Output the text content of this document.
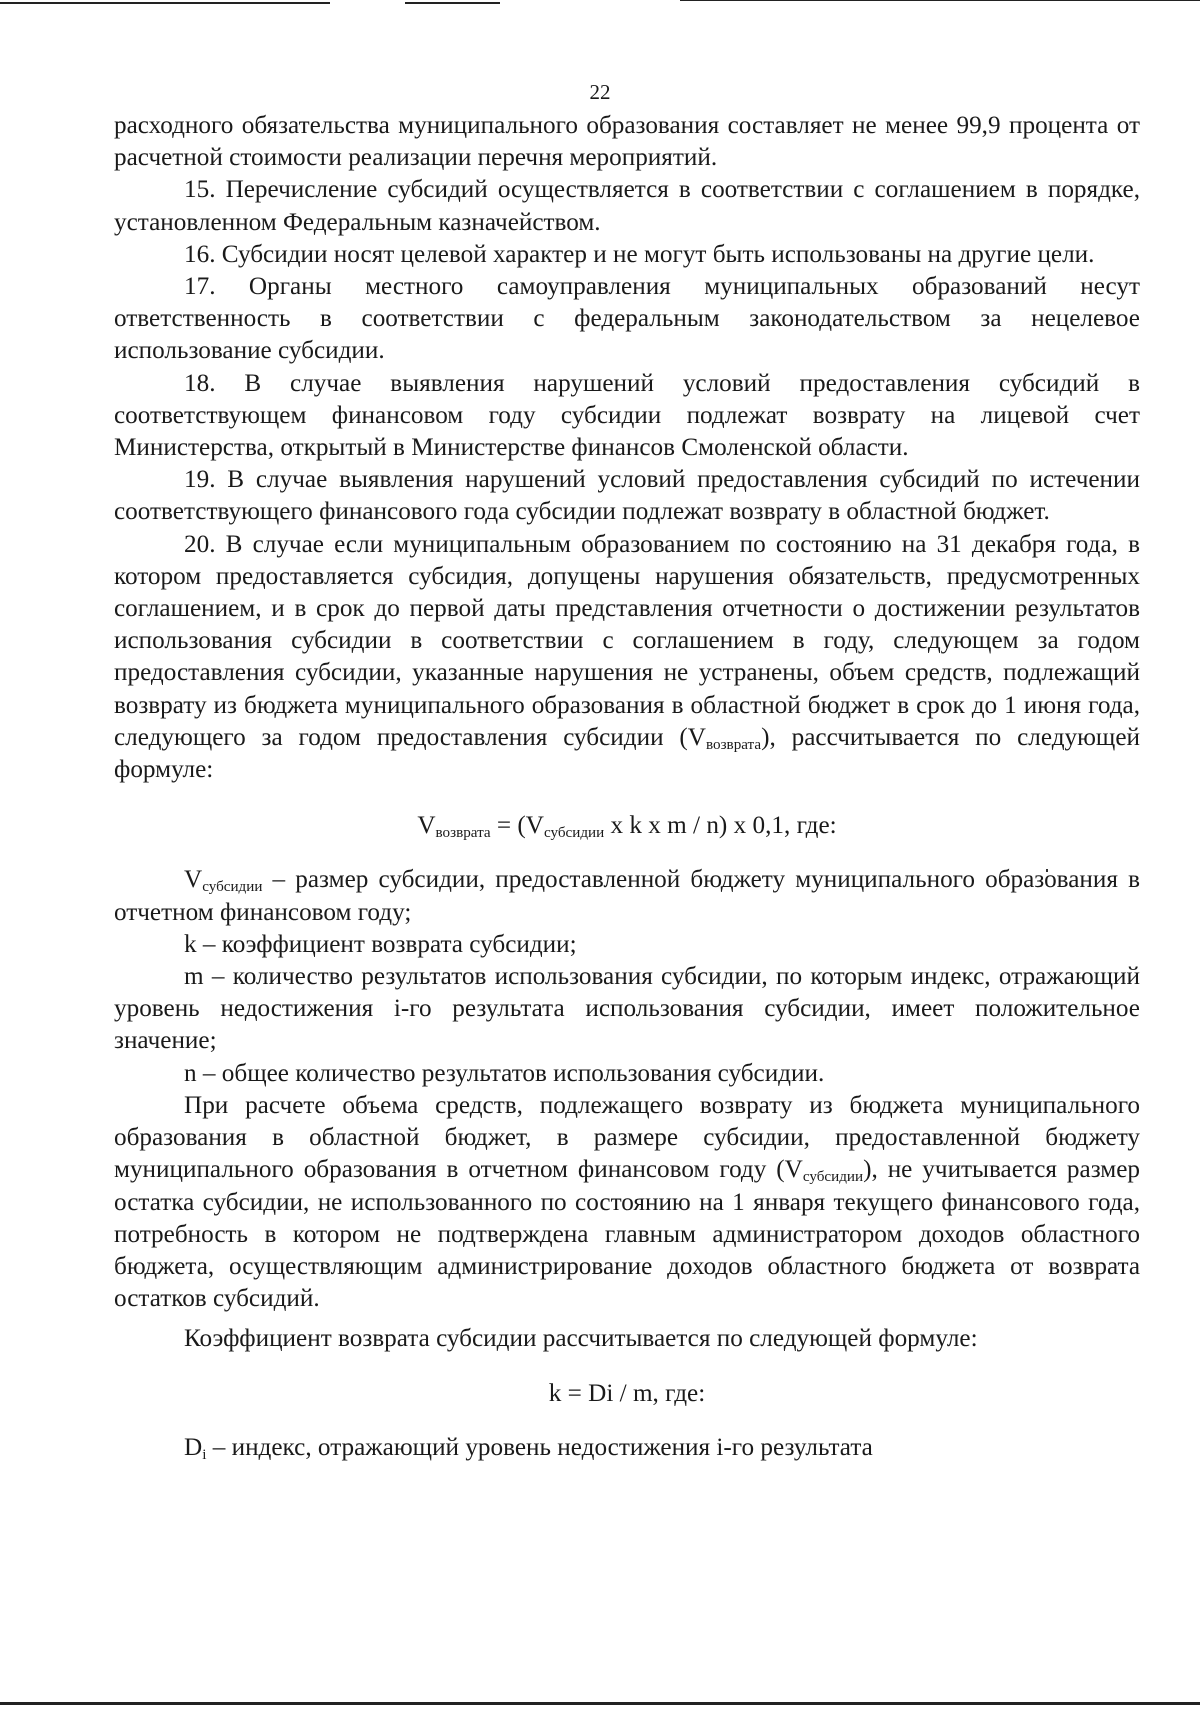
22

расходного обязательства муниципального образования составляет не менее 99,9 процента от расчетной стоимости реализации перечня мероприятий.

15. Перечисление субсидий осуществляется в соответствии с соглашением в порядке, установленном Федеральным казначейством.

16. Субсидии носят целевой характер и не могут быть использованы на другие цели.

17. Органы местного самоуправления муниципальных образований несут ответственность в соответствии с федеральным законодательством за нецелевое использование субсидии.

18. В случае выявления нарушений условий предоставления субсидий в соответствующем финансовом году субсидии подлежат возврату на лицевой счет Министерства, открытый в Министерстве финансов Смоленской области.

19. В случае выявления нарушений условий предоставления субсидий по истечении соответствующего финансового года субсидии подлежат возврату в областной бюджет.

20. В случае если муниципальным образованием по состоянию на 31 декабря года, в котором предоставляется субсидия, допущены нарушения обязательств, предусмотренных соглашением, и в срок до первой даты представления отчетности о достижении результатов использования субсидии в соответствии с соглашением в году, следующем за годом предоставления субсидии, указанные нарушения не устранены, объем средств, подлежащий возврату из бюджета муниципального образования в областной бюджет в срок до 1 июня года, следующего за годом предоставления субсидии $(V_{возврата})$, рассчитывается по следующей формуле:

$V_{возврата} = (V_{субсидии}$ x k x m / n) x 0,1, где:

$V_{субсидии}$ – размер субсидии, предоставленной бюджету муниципального образования в отчетном финансовом году;

k – коэффициент возврата субсидии;

m – количество результатов использования субсидии, по которым индекс, отражающий уровень недостижения i-го результата использования субсидии, имеет положительное значение;

n – общее количество результатов использования субсидии.

При расчете объема средств, подлежащего возврату из бюджета муниципального образования в областной бюджет, в размере субсидии, предоставленной бюджету муниципального образования в отчетном финансовом году $(V_{субсидии})$, не учитывается размер остатка субсидии, не использованного по состоянию на 1 января текущего финансового года, потребность в котором не подтверждена главным администратором доходов областного бюджета, осуществляющим администрирование доходов областного бюджета от возврата остатков субсидий.

Коэффициент возврата субсидии рассчитывается по следующей формуле:

k = Di / m, где:

$D_i$ – индекс, отражающий уровень недостижения i-го результата
